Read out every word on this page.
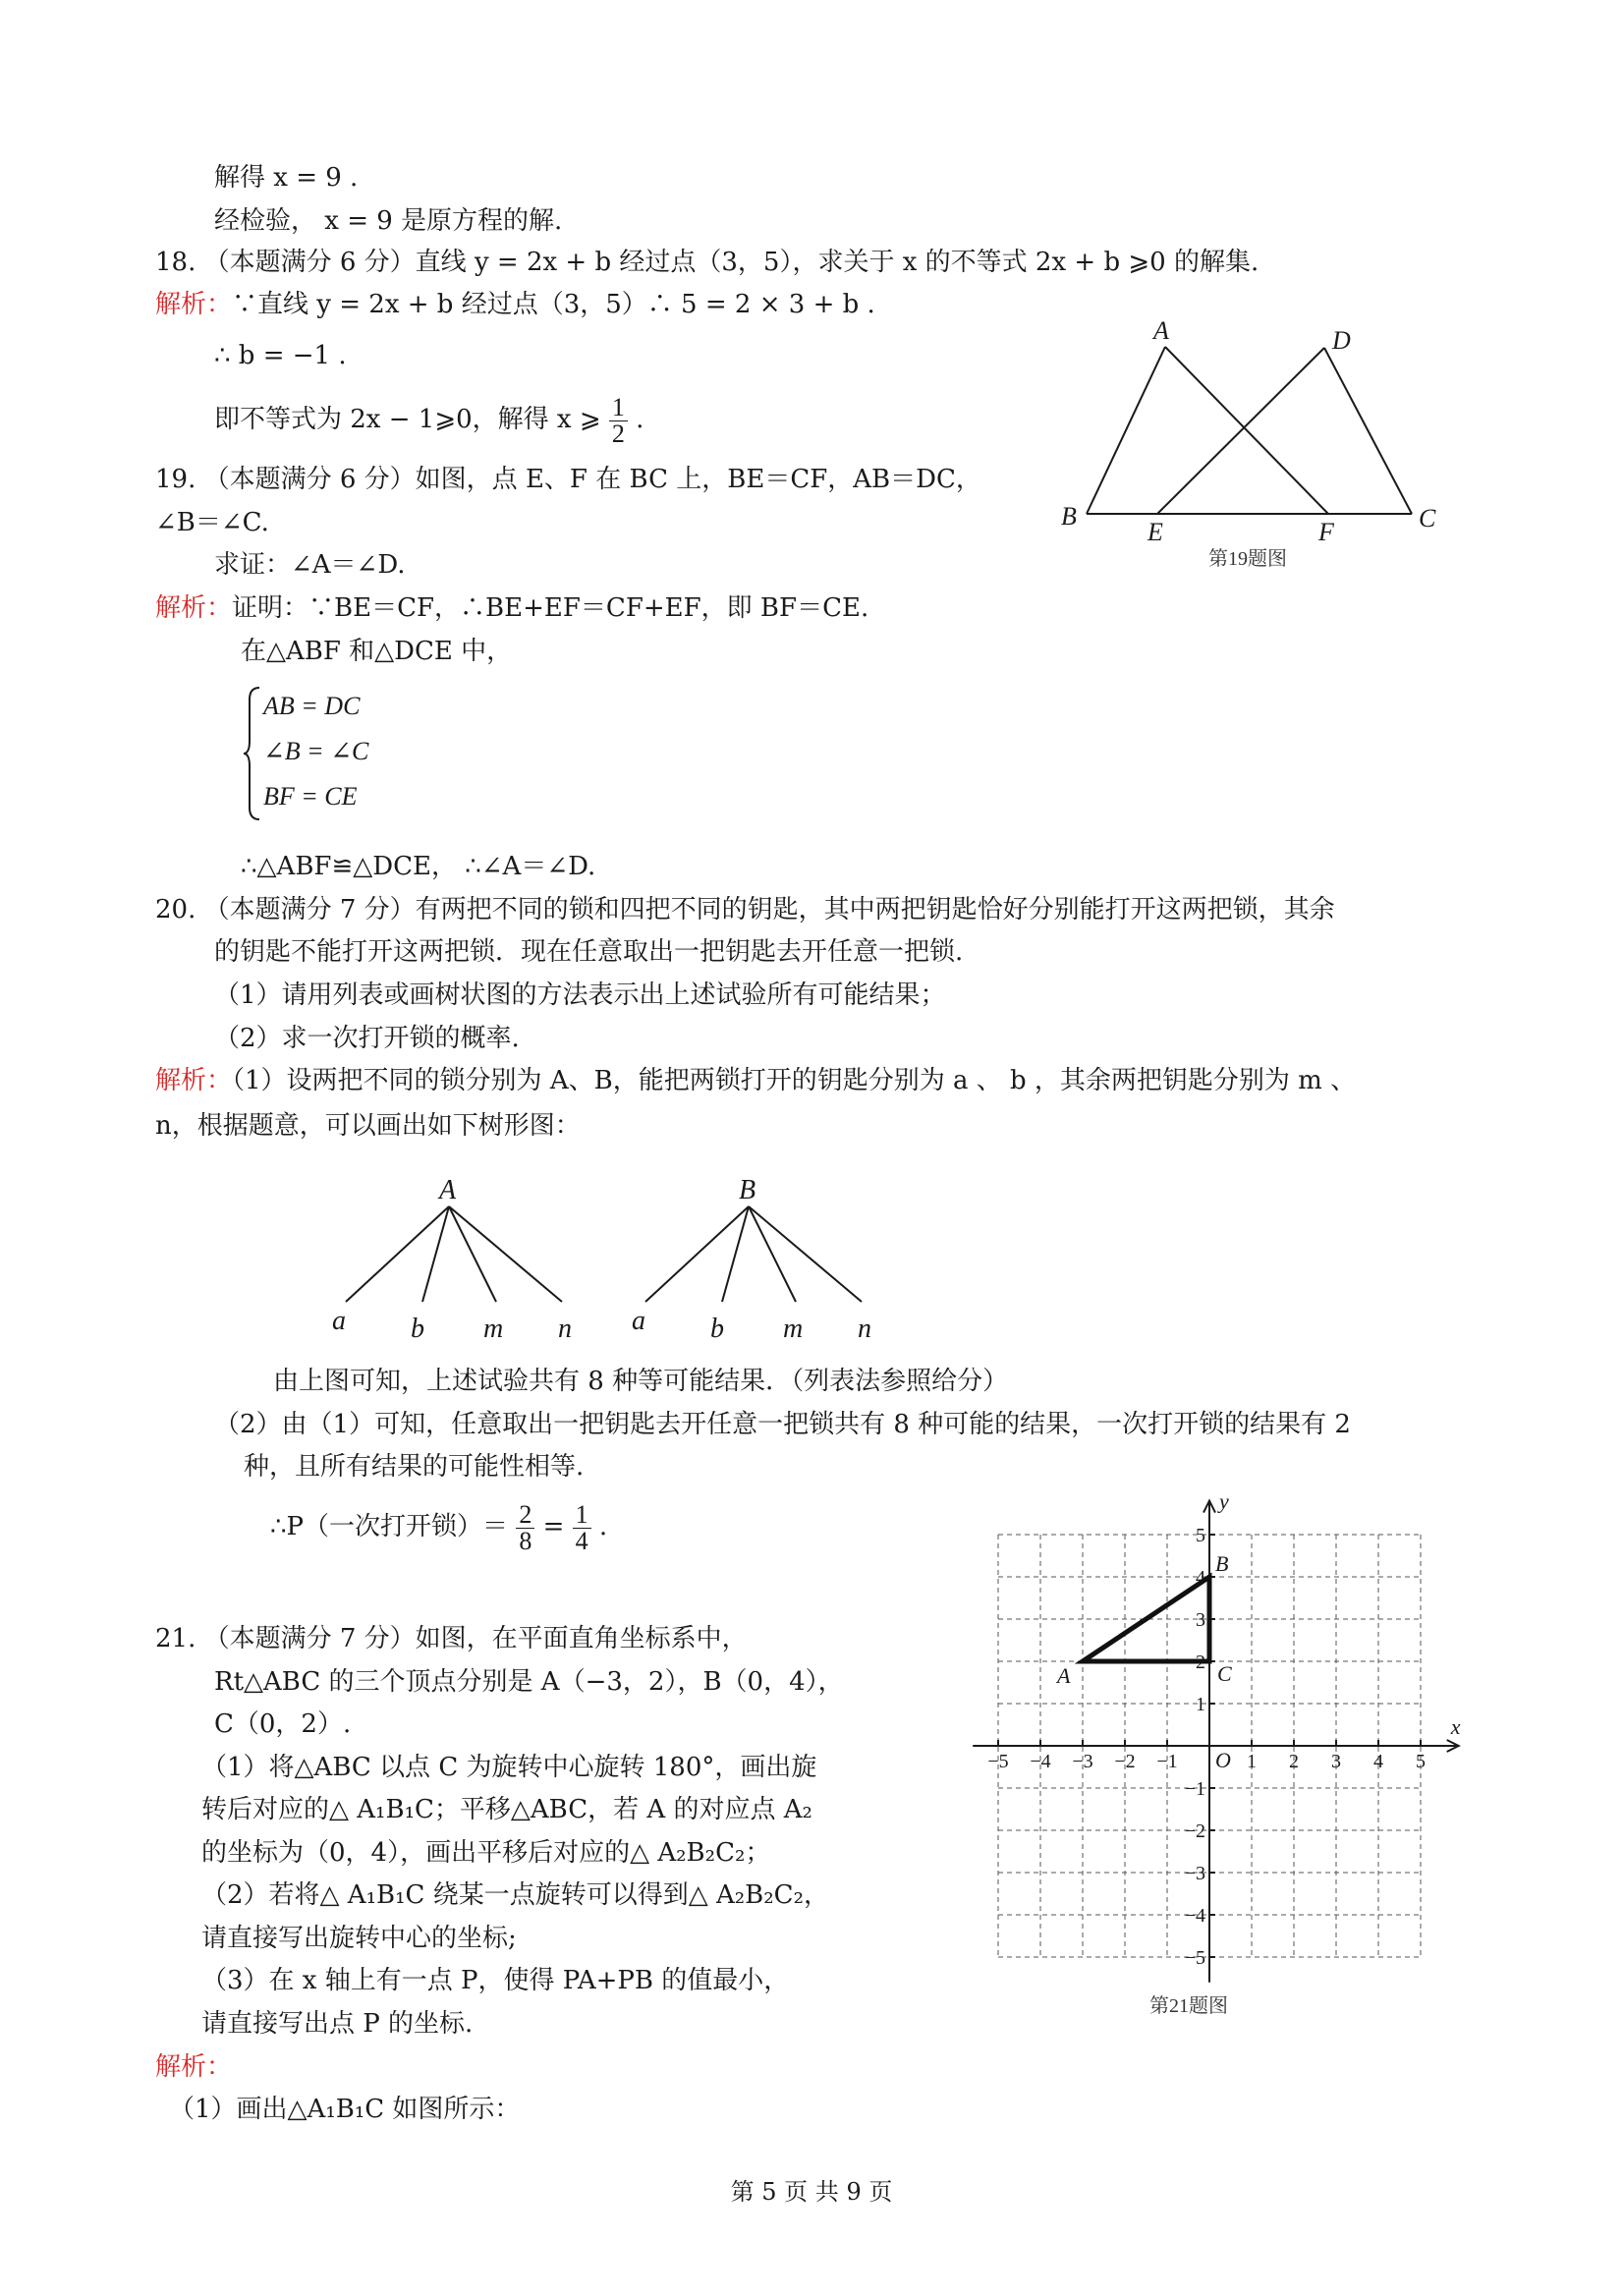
解得 x = 9 .
经检验， x = 9 是原方程的解.
18. （本题满分 6 分）直线 y = 2x + b 经过点（3，5），求关于 x 的不等式 2x + b ⩾0 的解集.
解析：∵直线 y = 2x + b 经过点（3，5）∴ 5 = 2 × 3 + b .
∴ b = −1 .
即不等式为 2x − 1⩾0，解得 x ⩾ $\frac{1}{2}$ .
A	D
B	C
E	F
第19题图
19. （本题满分 6 分）如图，点 E、F 在 BC 上，BE＝CF，AB＝DC，
∠B＝∠C.
求证：∠A＝∠D.
解析：证明：∵BE＝CF，∴BE+EF＝CF+EF，即 BF＝CE.
在△ABF 和△DCE 中，
AB = DC
∠B = ∠C
BF = CE
∴△ABF≌△DCE， ∴∠A＝∠D.
20. （本题满分 7 分）有两把不同的锁和四把不同的钥匙，其中两把钥匙恰好分别能打开这两把锁，其余
的钥匙不能打开这两把锁．现在任意取出一把钥匙去开任意一把锁.
（1）请用列表或画树状图的方法表示出上述试验所有可能结果；
（2）求一次打开锁的概率.
解析：（1）设两把不同的锁分别为 A、B，能把两锁打开的钥匙分别为 a 、 b ，其余两把钥匙分别为 m 、
n，根据题意，可以画出如下树形图：
A	B
a b m n a b m n
由上图可知，上述试验共有 8 种等可能结果．（列表法参照给分）
（2）由（1）可知，任意取出一把钥匙去开任意一把锁共有 8 种可能的结果，一次打开锁的结果有 2
种，且所有结果的可能性相等.
∴P（一次打开锁）＝ $\frac{2}{8} = \frac{1}{4}$ .
21. （本题满分 7 分）如图，在平面直角坐标系中，
Rt△ABC 的三个顶点分别是 A（−3，2），B（0，4），
C（0，2）.
（1）将△ABC 以点 C 为旋转中心旋转 180°，画出旋
转后对应的△ A₁B₁C；平移△ABC，若 A 的对应点 A₂
的坐标为（0，4），画出平移后对应的△ A₂B₂C₂；
（2）若将△ A₁B₁C 绕某一点旋转可以得到△ A₂B₂C₂，
请直接写出旋转中心的坐标;
（3）在 x 轴上有一点 P，使得 PA+PB 的值最小，
请直接写出点 P 的坐标.
解析：
（1）画出△A₁B₁C 如图所示：
−5 −4 −3 −2 −1	1 2 3 4 5
5
4
3
2
1
−1
−2
−3
−4
−5
x
y
O
A
B
C
第21题图
第 5 页 共 9 页
